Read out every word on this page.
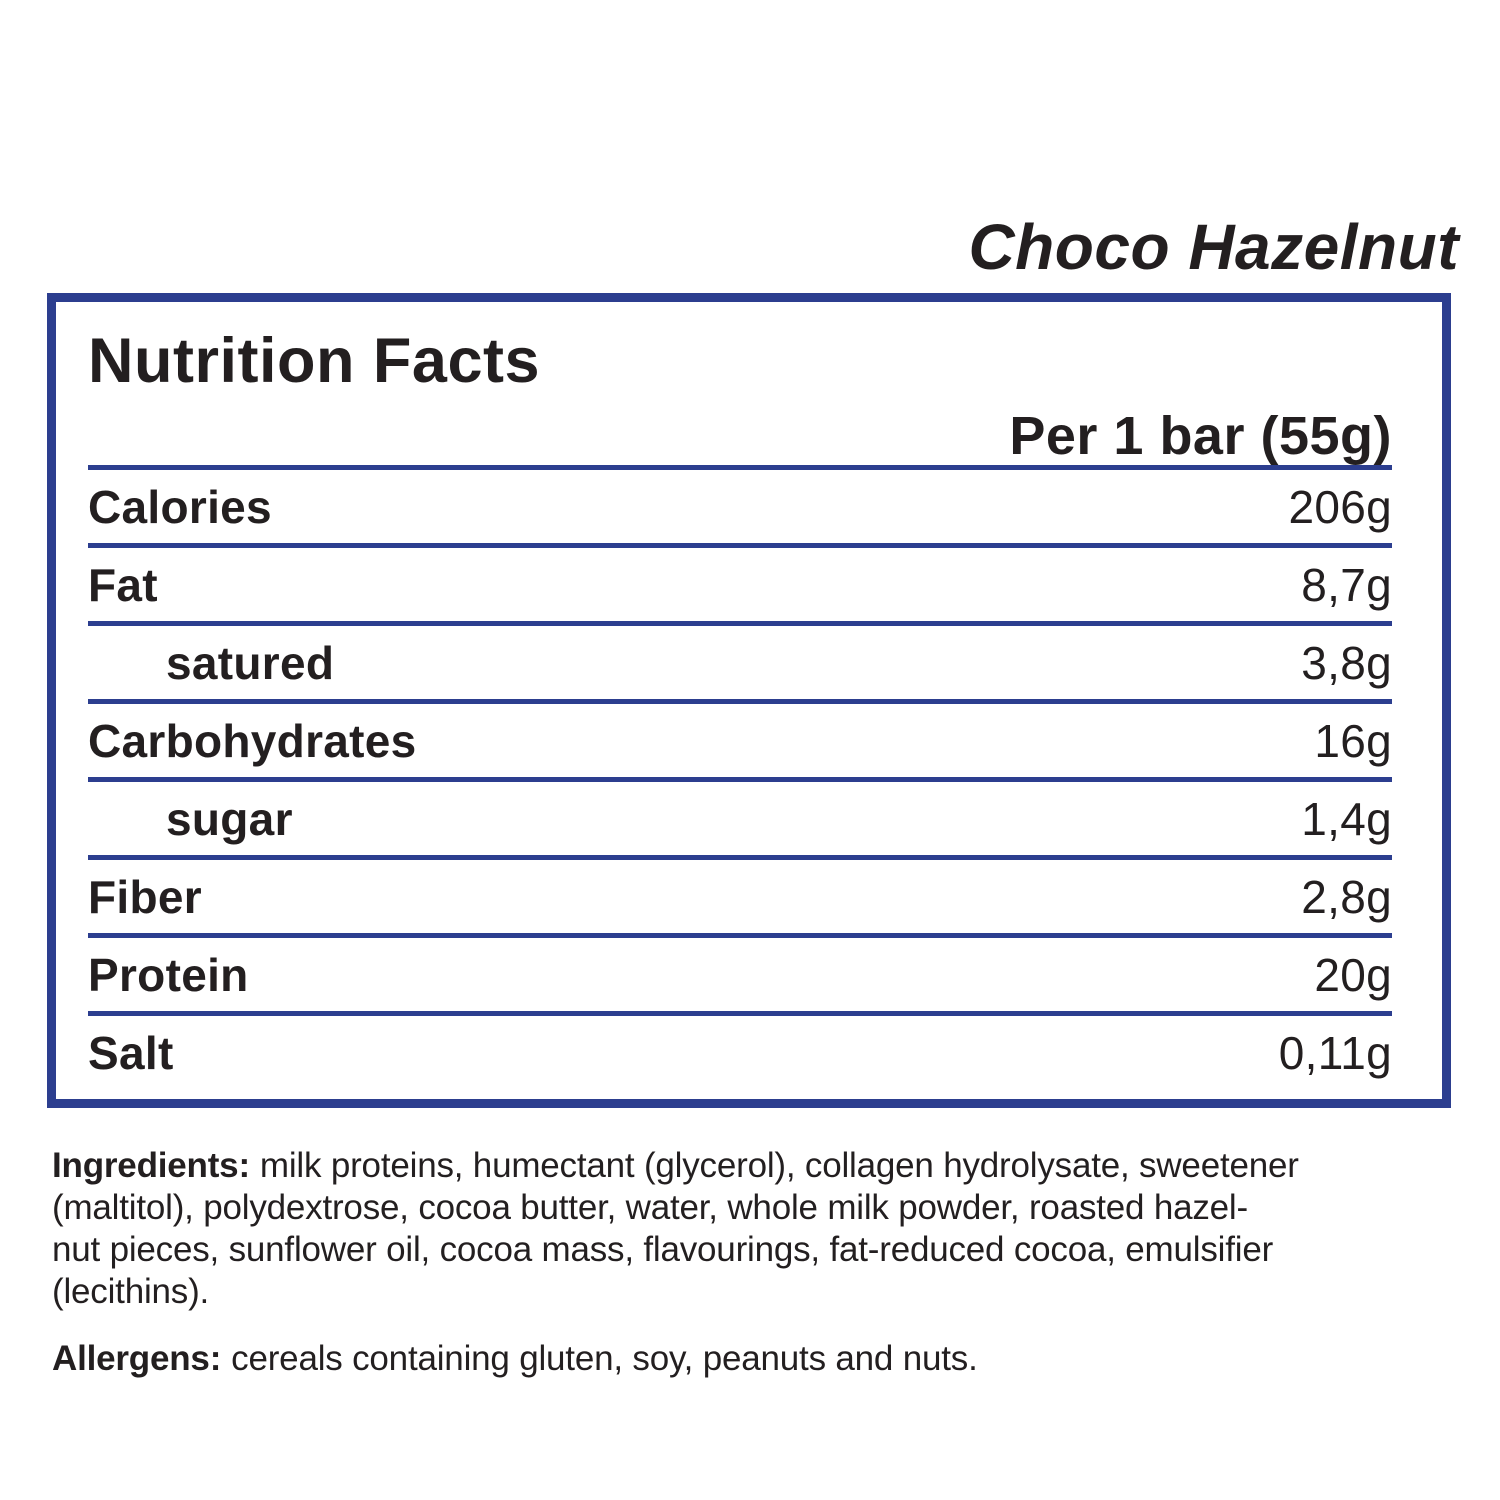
Choco Hazelnut
Nutrition Facts
Per 1 bar (55g)
Calories	206g
Fat	8,7g
satured	3,8g
Carbohydrates	16g
sugar	1,4g
Fiber	2,8g
Protein	20g
Salt	0,11g
Ingredients: milk proteins, humectant (glycerol), collagen hydrolysate, sweetener
(maltitol), polydextrose, cocoa butter, water, whole milk powder, roasted hazel-
nut pieces, sunflower oil, cocoa mass, flavourings, fat-reduced cocoa, emulsifier
(lecithins).
Allergens: cereals containing gluten, soy, peanuts and nuts.
